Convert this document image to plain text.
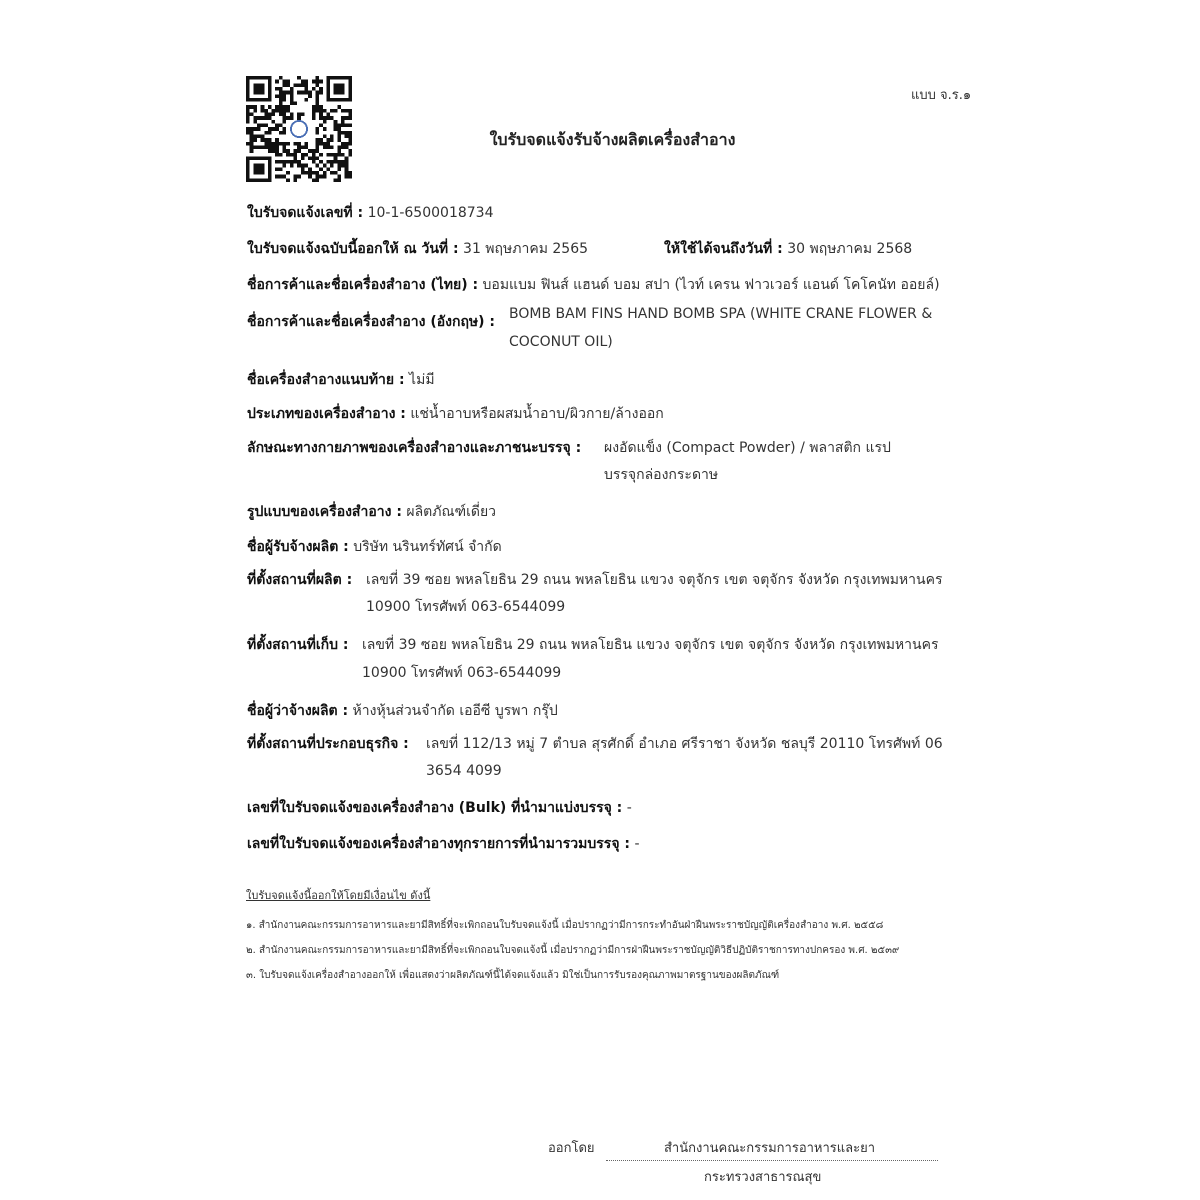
แบบ จ.ร.๑
ใบรับจดแจ้งรับจ้างผลิตเครื่องสำอาง
ใบรับจดแจ้งเลขที่ : 10-1-6500018734
ใบรับจดแจ้งฉบับนี้ออกให้ ณ วันที่ : 31 พฤษภาคม 2565	ให้ใช้ได้จนถึงวันที่ : 30 พฤษภาคม 2568
ชื่อการค้าและชื่อเครื่องสำอาง (ไทย) : บอมแบม ฟินส์ แฮนด์ บอม สปา (ไวท์ เครน ฟาวเวอร์ แอนด์ โคโคนัท ออยล์)
ชื่อการค้าและชื่อเครื่องสำอาง (อังกฤษ) : BOMB BAM FINS HAND BOMB SPA (WHITE CRANE FLOWER &
COCONUT OIL)
ชื่อเครื่องสำอางแนบท้าย : ไม่มี
ประเภทของเครื่องสำอาง : แช่น้ำอาบหรือผสมน้ำอาบ/ผิวกาย/ล้างออก
ลักษณะทางกายภาพของเครื่องสำอางและภาชนะบรรจุ : ผงอัดแข็ง (Compact Powder) / พลาสติก แรป
บรรจุกล่องกระดาษ
รูปแบบของเครื่องสำอาง : ผลิตภัณฑ์เดี่ยว
ชื่อผู้รับจ้างผลิต : บริษัท นรินทร์ทัศน์ จำกัด
ที่ตั้งสถานที่ผลิต : เลขที่ 39 ซอย พหลโยธิน 29 ถนน พหลโยธิน แขวง จตุจักร เขต จตุจักร จังหวัด กรุงเทพมหานคร
10900 โทรศัพท์ 063-6544099
ที่ตั้งสถานที่เก็บ : เลขที่ 39 ซอย พหลโยธิน 29 ถนน พหลโยธิน แขวง จตุจักร เขต จตุจักร จังหวัด กรุงเทพมหานคร
10900 โทรศัพท์ 063-6544099
ชื่อผู้ว่าจ้างผลิต : ห้างหุ้นส่วนจำกัด เออีซี บูรพา กรุ๊ป
ที่ตั้งสถานที่ประกอบธุรกิจ : เลขที่ 112/13 หมู่ 7 ตำบล สุรศักดิ์ อำเภอ ศรีราชา จังหวัด ชลบุรี 20110 โทรศัพท์ 06
3654 4099
เลขที่ใบรับจดแจ้งของเครื่องสำอาง (Bulk) ที่นำมาแบ่งบรรจุ : -
เลขที่ใบรับจดแจ้งของเครื่องสำอางทุกรายการที่นำมารวมบรรจุ : -
ใบรับจดแจ้งนี้ออกให้โดยมีเงื่อนไข ดังนี้
๑. สำนักงานคณะกรรมการอาหารและยามีสิทธิ์ที่จะเพิกถอนใบรับจดแจ้งนี้ เมื่อปรากฏว่ามีการกระทำอันฝ่าฝืนพระราชบัญญัติเครื่องสำอาง พ.ศ. ๒๕๕๘
๒. สำนักงานคณะกรรมการอาหารและยามีสิทธิ์ที่จะเพิกถอนใบจดแจ้งนี้ เมื่อปรากฏว่ามีการฝ่าฝืนพระราชบัญญัติวิธีปฏิบัติราชการทางปกครอง พ.ศ. ๒๕๓๙
๓. ใบรับจดแจ้งเครื่องสำอางออกให้ เพื่อแสดงว่าผลิตภัณฑ์นี้ได้จดแจ้งแล้ว มิใช่เป็นการรับรองคุณภาพมาตรฐานของผลิตภัณฑ์
ออกโดย	สำนักงานคณะกรรมการอาหารและยา
กระทรวงสาธารณสุข
